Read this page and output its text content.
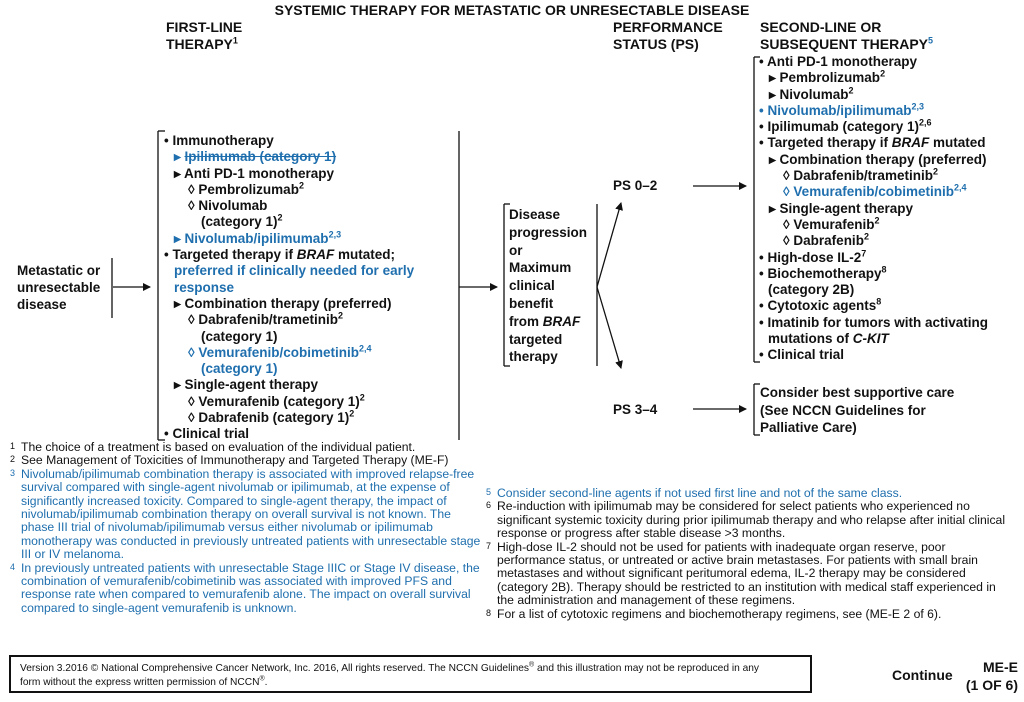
SYSTEMIC THERAPY FOR METASTATIC OR UNRESECTABLE DISEASE
FIRST-LINE
THERAPY$^1$
PERFORMANCE
STATUS (PS)
SECOND-LINE OR
SUBSEQUENT THERAPY$^5$
Metastatic or
unresectable
disease
• Immunotherapy
▸ Ipilimumab (category 1)
▸ Anti PD-1 monotherapy
◊ Pembrolizumab$^2$
◊ Nivolumab
(category 1)$^2$
▸ Nivolumab/ipilimumab$^{2,3}$
• Targeted therapy if BRAF mutated;
preferred if clinically needed for early
response
▸ Combination therapy (preferred)
◊ Dabrafenib/trametinib$^2$
(category 1)
◊ Vemurafenib/cobimetinib$^{2,4}$
(category 1)
▸ Single-agent therapy
◊ Vemurafenib (category 1)$^2$
◊ Dabrafenib (category 1)$^2$
• Clinical trial
Disease
progression
or
Maximum
clinical
benefit
from BRAF
targeted
therapy
PS 0–2
PS 3–4
• Anti PD-1 monotherapy
▸ Pembrolizumab$^2$
▸ Nivolumab$^2$
• Nivolumab/ipilimumab$^{2,3}$
• Ipilimumab (category 1)$^{2,6}$
• Targeted therapy if BRAF mutated
▸ Combination therapy (preferred)
◊ Dabrafenib/trametinib$^2$
◊ Vemurafenib/cobimetinib$^{2,4}$
▸ Single-agent therapy
◊ Vemurafenib$^2$
◊ Dabrafenib$^2$
• High-dose $IL-2^7$
• Biochemotherapy$^8$
(category 2B)
• Cytotoxic agents$^8$
• Imatinib for tumors with activating
mutations of C-KIT
• Clinical trial
Consider best supportive care
(See NCCN Guidelines for
Palliative Care)
1 The choice of a treatment is based on evaluation of the individual patient.
2 See Management of Toxicities of Immunotherapy and Targeted Therapy (ME-F)
3 Nivolumab/ipilimumab combination therapy is associated with improved relapse-free survival compared with single-agent nivolumab or ipilimumab, at the expense of significantly increased toxicity. Compared to single-agent therapy, the impact of nivolumab/ipilimumab combination therapy on overall survival is not known. The phase III trial of nivolumab/ipilimumab versus either nivolumab or ipilimumab monotherapy was conducted in previously untreated patients with unresectable stage III or IV melanoma.
4 In previously untreated patients with unresectable Stage IIIC or Stage IV disease, the combination of vemurafenib/cobimetinib was associated with improved PFS and response rate when compared to vemurafenib alone. The impact on overall survival compared to single-agent vemurafenib is unknown.
5 Consider second-line agents if not used first line and not of the same class.
6 Re-induction with ipilimumab may be considered for select patients who experienced no significant systemic toxicity during prior ipilimumab therapy and who relapse after initial clinical response or progress after stable disease >3 months.
7 High-dose IL-2 should not be used for patients with inadequate organ reserve, poor performance status, or untreated or active brain metastases. For patients with small brain metastases and without significant peritumoral edema, IL-2 therapy may be considered (category 2B). Therapy should be restricted to an institution with medical staff experienced in the administration and management of these regimens.
8 For a list of cytotoxic regimens and biochemotherapy regimens, see (ME-E 2 of 6).
Version 3.2016 © National Comprehensive Cancer Network, Inc. 2016, All rights reserved. The NCCN Guidelines® and this illustration may not be reproduced in any
form without the express written permission of NCCN®.	Continue	ME-E
(1 OF 6)
